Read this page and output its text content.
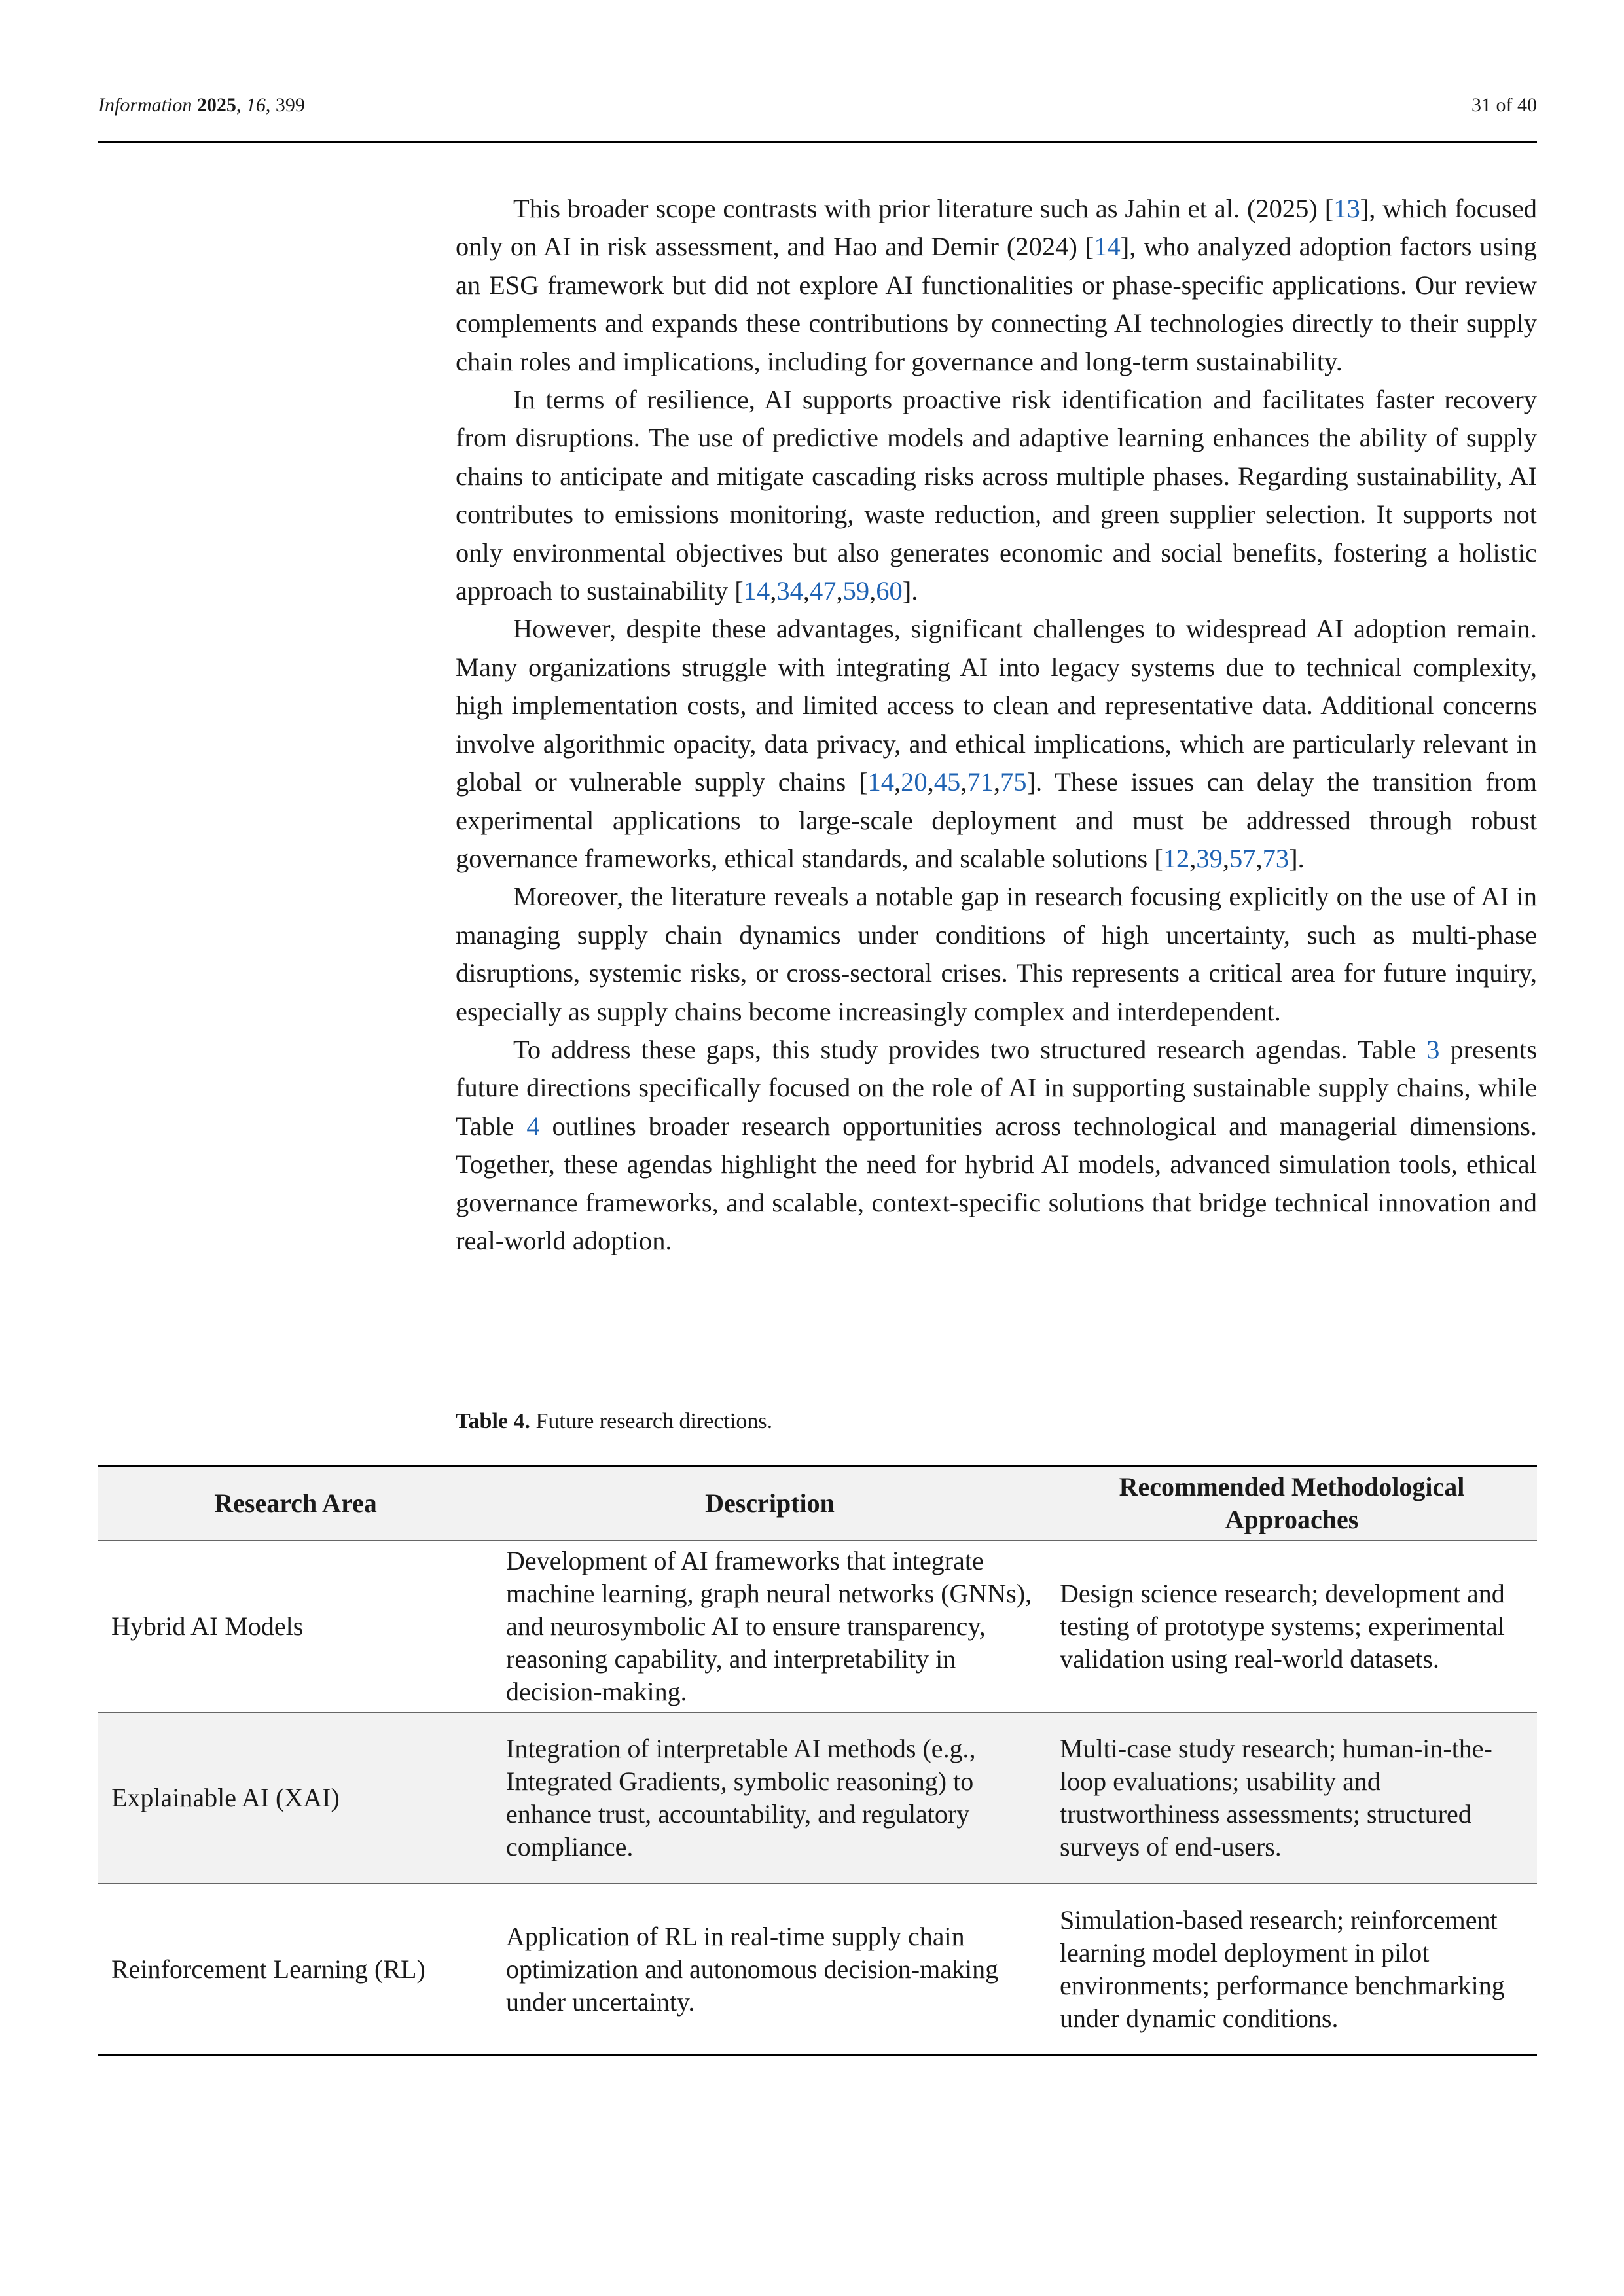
Information 2025, 16, 399	31 of 40

This broader scope contrasts with prior literature such as Jahin et al. (2025) [13], which focused only on AI in risk assessment, and Hao and Demir (2024) [14], who analyzed adoption factors using an ESG framework but did not explore AI functionalities or phase-specific applications. Our review complements and expands these contributions by connecting AI technologies directly to their supply chain roles and implications, including for governance and long-term sustainability.

In terms of resilience, AI supports proactive risk identification and facilitates faster recovery from disruptions. The use of predictive models and adaptive learning enhances the ability of supply chains to anticipate and mitigate cascading risks across multiple phases. Regarding sustainability, AI contributes to emissions monitoring, waste reduction, and green supplier selection. It supports not only environmental objectives but also generates economic and social benefits, fostering a holistic approach to sustainability [14,34,47,59,60].

However, despite these advantages, significant challenges to widespread AI adoption remain. Many organizations struggle with integrating AI into legacy systems due to technical complexity, high implementation costs, and limited access to clean and representative data. Additional concerns involve algorithmic opacity, data privacy, and ethical implications, which are particularly relevant in global or vulnerable supply chains [14,20,45,71,75]. These issues can delay the transition from experimental applications to large-scale deployment and must be addressed through robust governance frameworks, ethical standards, and scalable solutions [12,39,57,73].

Moreover, the literature reveals a notable gap in research focusing explicitly on the use of AI in managing supply chain dynamics under conditions of high uncertainty, such as multi-phase disruptions, systemic risks, or cross-sectoral crises. This represents a critical area for future inquiry, especially as supply chains become increasingly complex and interdependent.

To address these gaps, this study provides two structured research agendas. Table 3 presents future directions specifically focused on the role of AI in supporting sustainable supply chains, while Table 4 outlines broader research opportunities across technological and managerial dimensions. Together, these agendas highlight the need for hybrid AI models, advanced simulation tools, ethical governance frameworks, and scalable, context-specific solutions that bridge technical innovation and real-world adoption.

Table 4. Future research directions.
Research Area	Description	Recommended Methodological Approaches
Hybrid AI Models	Development of AI frameworks that integrate machine learning, graph neural networks (GNNs), and neurosymbolic AI to ensure transparency, reasoning capability, and interpretability in decision-making.	Design science research; development and testing of prototype systems; experimental validation using real-world datasets.
Explainable AI (XAI)	Integration of interpretable AI methods (e.g., Integrated Gradients, symbolic reasoning) to enhance trust, accountability, and regulatory compliance.	Multi-case study research; human-in-the-loop evaluations; usability and trustworthiness assessments; structured surveys of end-users.
Reinforcement Learning (RL)	Application of RL in real-time supply chain optimization and autonomous decision-making under uncertainty.	Simulation-based research; reinforcement learning model deployment in pilot environments; performance benchmarking under dynamic conditions.
